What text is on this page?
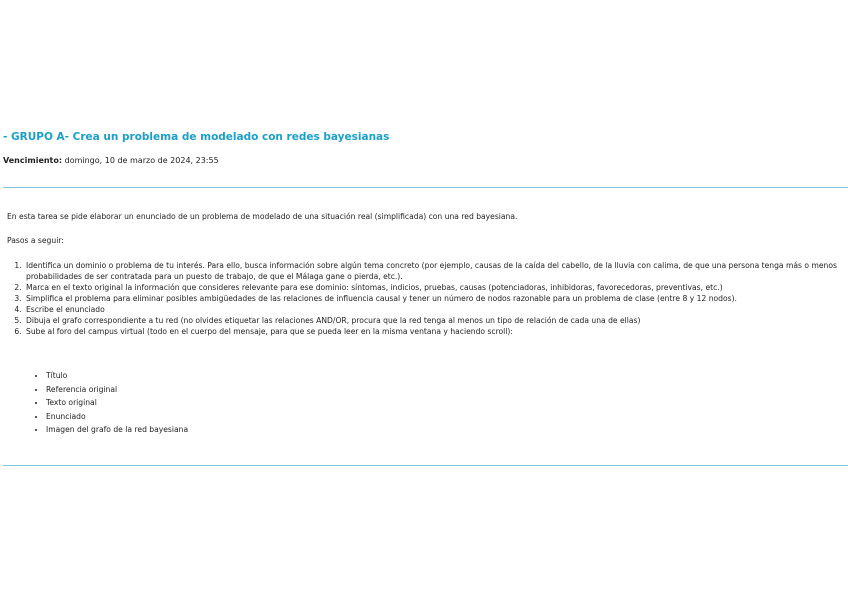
- GRUPO A- Crea un problema de modelado con redes bayesianas
Vencimiento: domingo, 10 de marzo de 2024, 23:55
En esta tarea se pide elaborar un enunciado de un problema de modelado de una situación real (simplificada) con una red bayesiana.
Pasos a seguir:
1. Identifica un dominio o problema de tu interés. Para ello, busca información sobre algún tema concreto (por ejemplo, causas de la caída del cabello, de la lluvia con calima, de que una persona tenga más o menos probabilidades de ser contratada para un puesto de trabajo, de que el Málaga gane o pierda, etc.).
2. Marca en el texto original la información que consideres relevante para ese dominio: síntomas, indicios, pruebas, causas (potenciadoras, inhibidoras, favorecedoras, preventivas, etc.)
3. Simplifica el problema para eliminar posibles ambigüedades de las relaciones de influencia causal y tener un número de nodos razonable para un problema de clase (entre 8 y 12 nodos).
4. Escribe el enunciado
5. Dibuja el grafo correspondiente a tu red (no olvides etiquetar las relaciones AND/OR, procura que la red tenga al menos un tipo de relación de cada una de ellas)
6. Sube al foro del campus virtual (todo en el cuerpo del mensaje, para que se pueda leer en la misma ventana y haciendo scroll):
• Título
• Referencia original
• Texto original
• Enunciado
• Imagen del grafo de la red bayesiana
